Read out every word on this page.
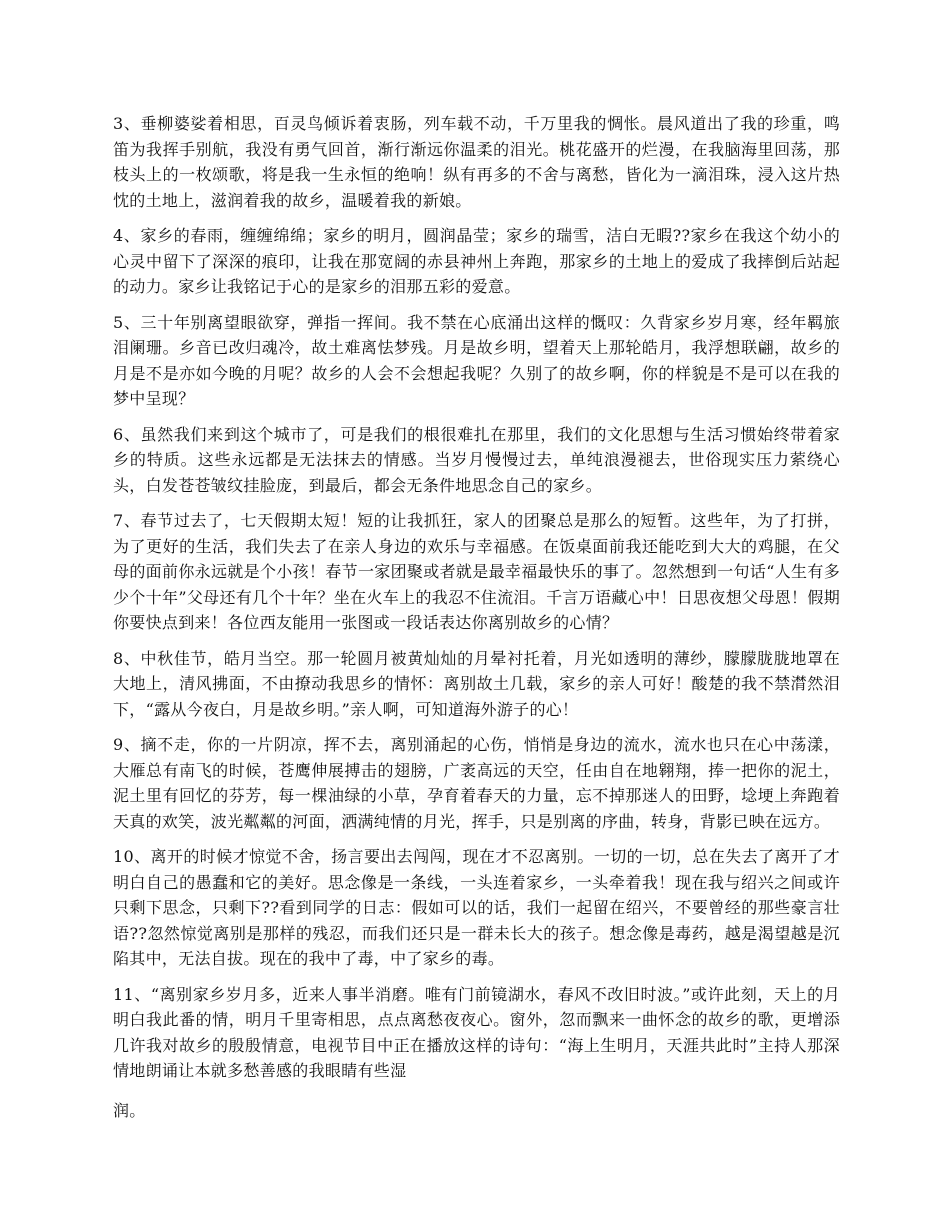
3、垂柳婆娑着相思，百灵鸟倾诉着衷肠，列车载不动，千万里我的惆怅。晨风道出了我的珍重，鸣笛为我挥手别航，我没有勇气回首，渐行渐远你温柔的泪光。桃花盛开的烂漫，在我脑海里回荡，那枝头上的一枚颂歌，将是我一生永恒的绝响！纵有再多的不舍与离愁，皆化为一滴泪珠，浸入这片热忱的土地上，滋润着我的故乡，温暖着我的新娘。

4、家乡的春雨，缠缠绵绵；家乡的明月，圆润晶莹；家乡的瑞雪，洁白无暇??家乡在我这个幼小的心灵中留下了深深的痕印，让我在那宽阔的赤县神州上奔跑，那家乡的土地上的爱成了我摔倒后站起的动力。家乡让我铭记于心的是家乡的泪那五彩的爱意。

5、三十年别离望眼欲穿，弹指一挥间。我不禁在心底涌出这样的慨叹：久背家乡岁月寒，经年羁旅泪阑珊。乡音已改归魂冷，故土难离怯梦残。月是故乡明，望着天上那轮皓月，我浮想联翩，故乡的月是不是亦如今晚的月呢？故乡的人会不会想起我呢？久别了的故乡啊，你的样貌是不是可以在我的梦中呈现？

6、虽然我们来到这个城市了，可是我们的根很难扎在那里，我们的文化思想与生活习惯始终带着家乡的特质。这些永远都是无法抹去的情感。当岁月慢慢过去，单纯浪漫褪去，世俗现实压力萦绕心头，白发苍苍皱纹挂脸庞，到最后，都会无条件地思念自己的家乡。

7、春节过去了，七天假期太短！短的让我抓狂，家人的团聚总是那么的短暂。这些年，为了打拼，为了更好的生活，我们失去了在亲人身边的欢乐与幸福感。在饭桌面前我还能吃到大大的鸡腿，在父母的面前你永远就是个小孩！春节一家团聚或者就是最幸福最快乐的事了。忽然想到一句话“人生有多少个十年”父母还有几个十年？坐在火车上的我忍不住流泪。千言万语藏心中！日思夜想父母恩！假期你要快点到来！各位西友能用一张图或一段话表达你离别故乡的心情？

8、中秋佳节，皓月当空。那一轮圆月被黄灿灿的月晕衬托着，月光如透明的薄纱，朦朦胧胧地罩在大地上，清风拂面，不由撩动我思乡的情怀：离别故土几载，家乡的亲人可好！酸楚的我不禁潸然泪下，“露从今夜白，月是故乡明。”亲人啊，可知道海外游子的心！

9、摘不走，你的一片阴凉，挥不去，离别涌起的心伤，悄悄是身边的流水，流水也只在心中荡漾，大雁总有南飞的时候，苍鹰伸展搏击的翅膀，广袤高远的天空，任由自在地翱翔，捧一把你的泥土，泥土里有回忆的芬芳，每一棵油绿的小草，孕育着春天的力量，忘不掉那迷人的田野，埝埂上奔跑着天真的欢笑，波光粼粼的河面，洒满纯情的月光，挥手，只是别离的序曲，转身，背影已映在远方。

10、离开的时候才惊觉不舍，扬言要出去闯闯，现在才不忍离别。一切的一切，总在失去了离开了才明白自己的愚蠢和它的美好。思念像是一条线，一头连着家乡，一头牵着我！现在我与绍兴之间或许只剩下思念，只剩下??看到同学的日志：假如可以的话，我们一起留在绍兴，不要曾经的那些豪言壮语??忽然惊觉离别是那样的残忍，而我们还只是一群未长大的孩子。想念像是毒药，越是渴望越是沉陷其中，无法自拔。现在的我中了毒，中了家乡的毒。

11、“离别家乡岁月多，近来人事半消磨。唯有门前镜湖水，春风不改旧时波。”或许此刻，天上的月明白我此番的情，明月千里寄相思，点点离愁夜夜心。窗外，忽而飘来一曲怀念的故乡的歌，更增添几许我对故乡的殷殷情意，电视节目中正在播放这样的诗句：“海上生明月，天涯共此时”主持人那深情地朗诵让本就多愁善感的我眼睛有些湿

润。
